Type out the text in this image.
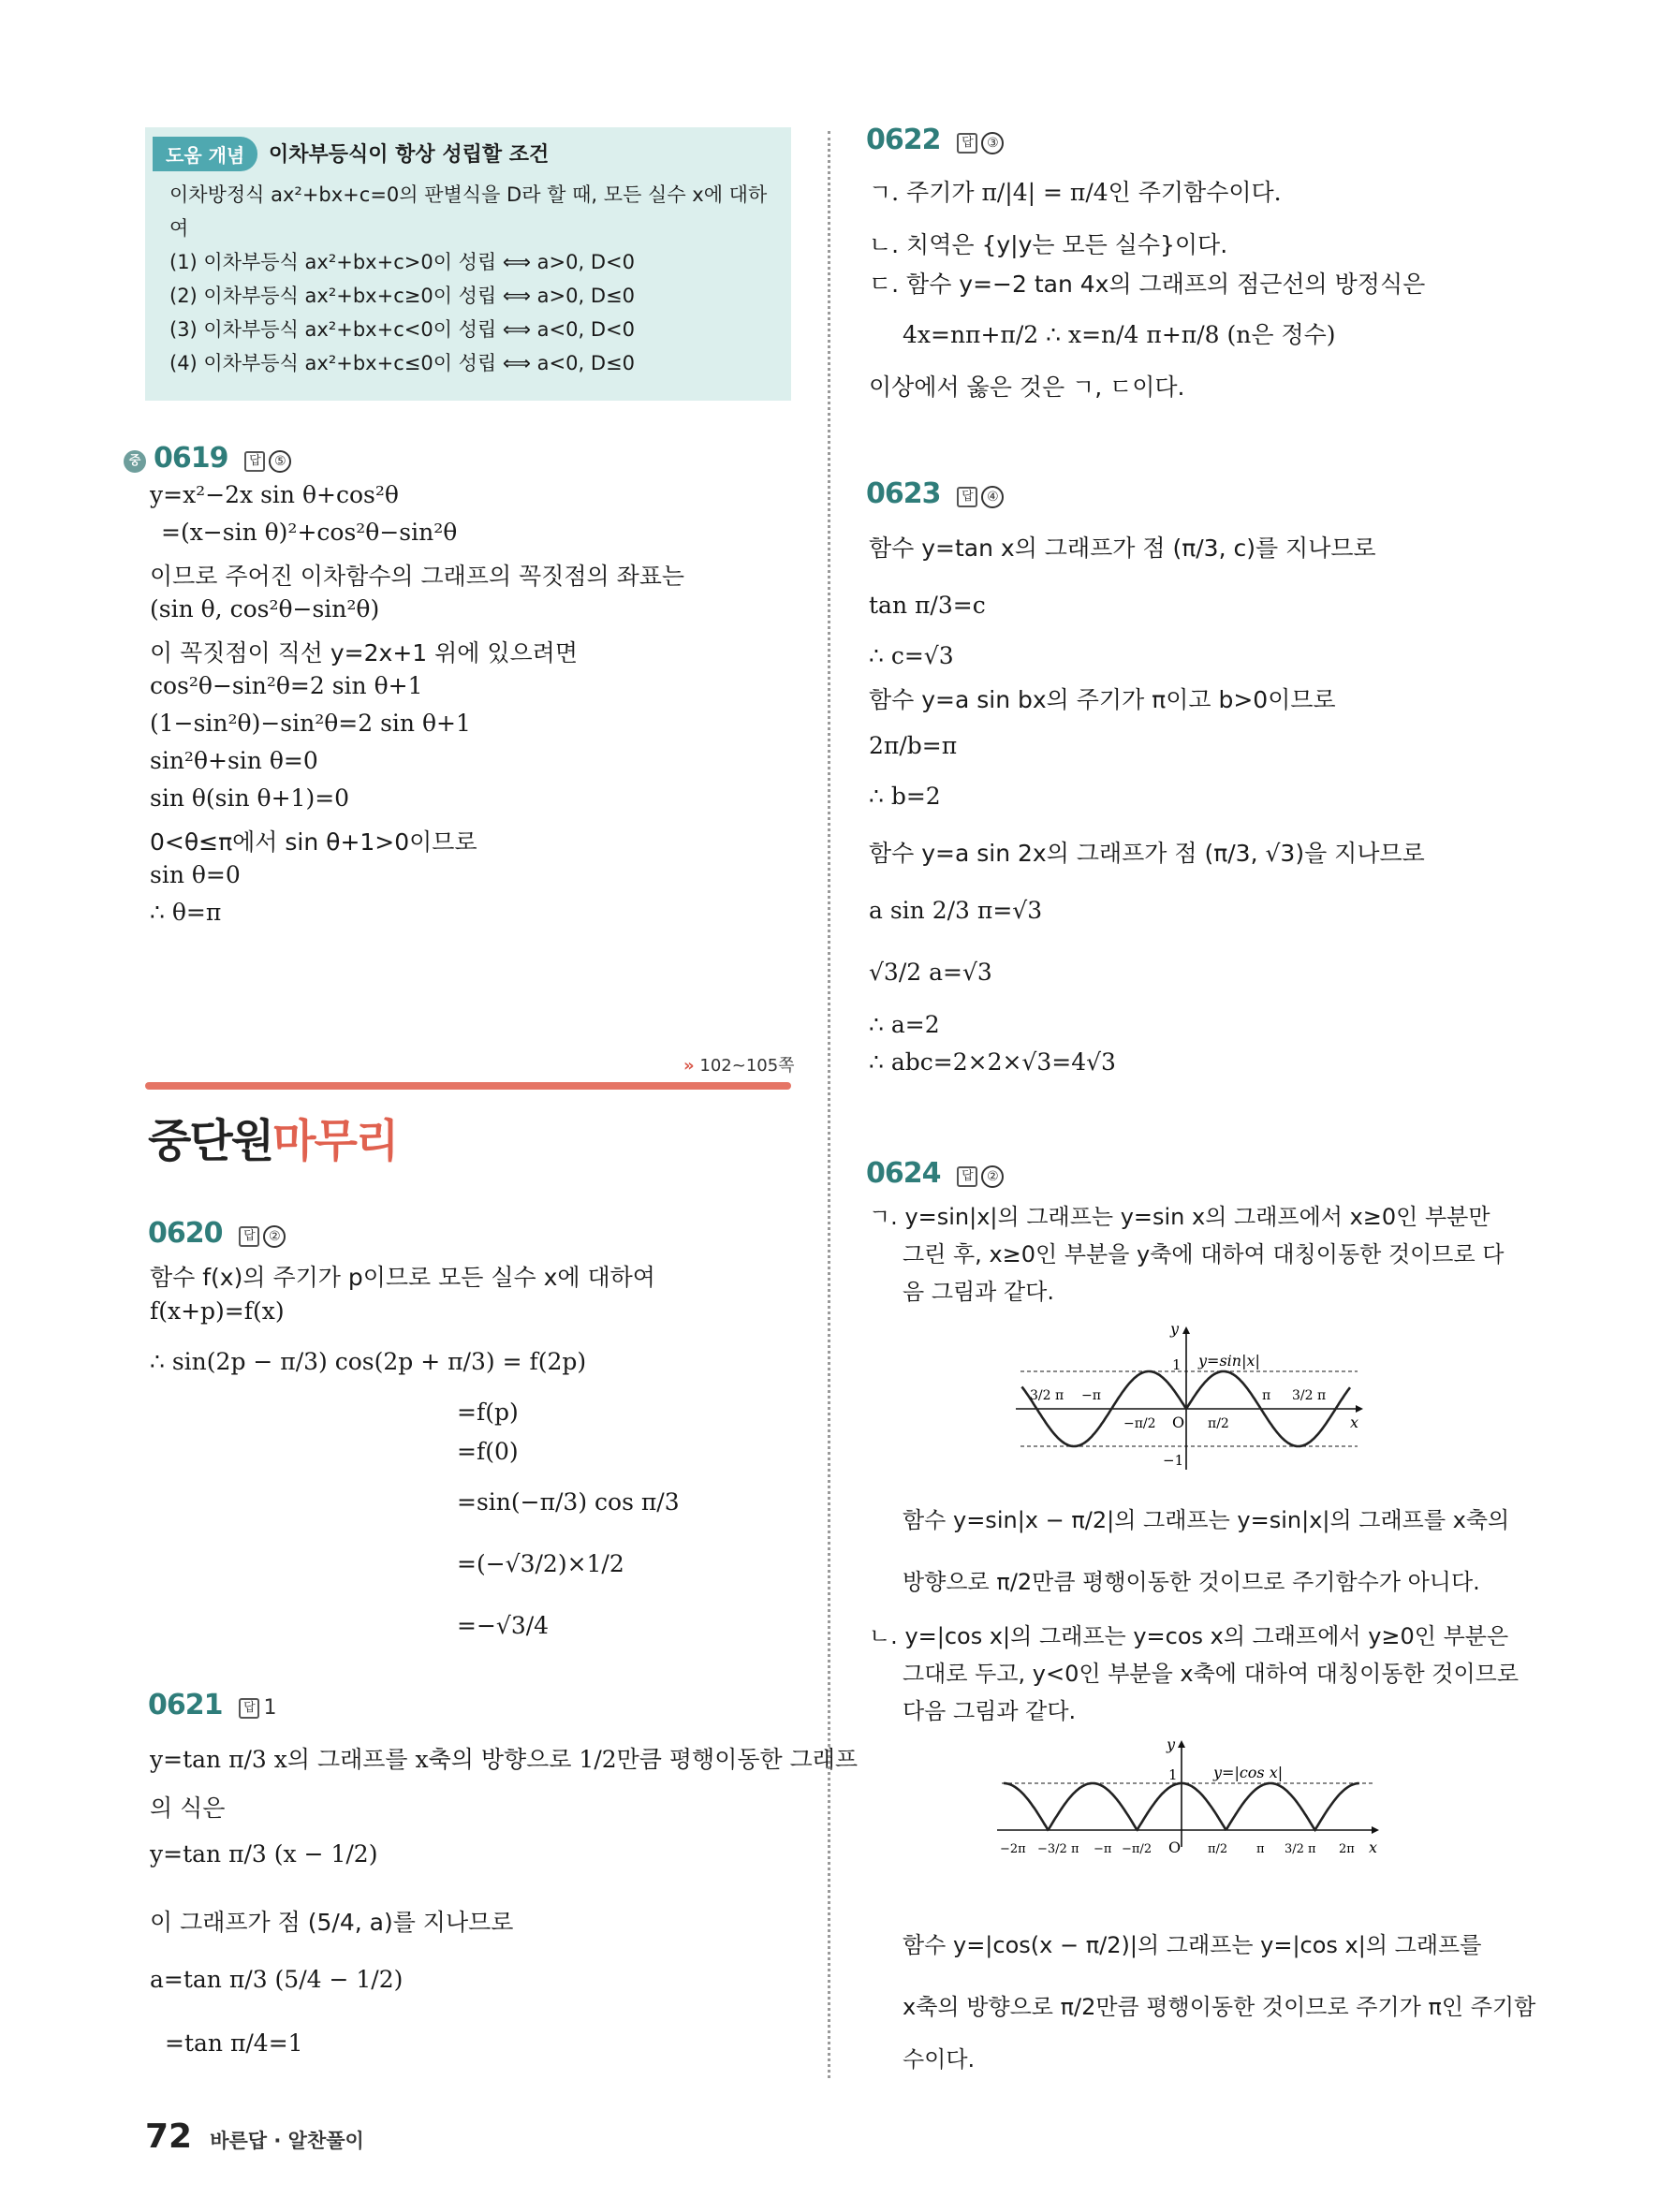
도움 개념	이차부등식이 항상 성립할 조건
이차방정식 ax²+bx+c=0의 판별식을 D라 할 때, 모든 실수 x에 대하
여
(1) 이차부등식 ax²+bx+c>0이 성립 ⟺ a>0, D<0
(2) 이차부등식 ax²+bx+c≥0이 성립 ⟺ a>0, D≤0
(3) 이차부등식 ax²+bx+c<0이 성립 ⟺ a<0, D<0
(4) 이차부등식 ax²+bx+c≤0이 성립 ⟺ a<0, D≤0
중 0619 답 ⑤
y=x²−2x sin θ+cos²θ
=(x−sin θ)²+cos²θ−sin²θ
이므로 주어진 이차함수의 그래프의 꼭짓점의 좌표는
(sin θ, cos²θ−sin²θ)
이 꼭짓점이 직선 y=2x+1 위에 있으려면
cos²θ−sin²θ=2 sin θ+1
(1−sin²θ)−sin²θ=2 sin θ+1
sin²θ+sin θ=0
sin θ(sin θ+1)=0
0<θ≤π에서 sin θ+1>0이므로
sin θ=0
∴ θ=π
» 102~105쪽
중단원마무리
0620 답 ②
함수 f(x)의 주기가 p이므로 모든 실수 x에 대하여
f(x+p)=f(x)
∴ sin(2p − π/3) cos(2p + π/3) = f(2p)
=f(p)
=f(0)
=sin(−π/3) cos π/3
=(−√3/2)×1/2
=−√3/4
0621 답 1
y=tan π/3 x의 그래프를 x축의 방향으로 1/2만큼 평행이동한 그래프
의 식은
y=tan π/3 (x − 1/2)
이 그래프가 점 (5/4, a)를 지나므로
a=tan π/3 (5/4 − 1/2)
=tan π/4=1
0622 답 ③
ㄱ. 주기가 π/|4| = π/4인 주기함수이다.
ㄴ. 치역은 {y|y는 모든 실수}이다.
ㄷ. 함수 y=−2 tan 4x의 그래프의 점근선의 방정식은
4x=nπ+π/2 ∴ x=n/4 π+π/8 (n은 정수)
이상에서 옳은 것은 ㄱ, ㄷ이다.
0623 답 ④
함수 y=tan x의 그래프가 점 (π/3, c)를 지나므로
tan π/3=c
∴ c=√3
함수 y=a sin bx의 주기가 π이고 b>0이므로
2π/b=π
∴ b=2
함수 y=a sin 2x의 그래프가 점 (π/3, √3)을 지나므로
a sin 2/3 π=√3
√3/2 a=√3
∴ a=2
∴ abc=2×2×√3=4√3
0624 답 ②
ㄱ. y=sin|x|의 그래프는 y=sin x의 그래프에서 x≥0인 부분만
그린 후, x≥0인 부분을 y축에 대하여 대칭이동한 것이므로 다
음 그림과 같다.
y
x
O
1
−1
y=sin|x|
3/2 π −π
−π/2	π/2
π 3/2 π
함수 y=sin|x − π/2|의 그래프는 y=sin|x|의 그래프를 x축의
방향으로 π/2만큼 평행이동한 것이므로 주기함수가 아니다.
ㄴ. y=|cos x|의 그래프는 y=cos x의 그래프에서 y≥0인 부분은
그대로 두고, y<0인 부분을 x축에 대하여 대칭이동한 것이므로
다음 그림과 같다.
y
x
O
1 y=|cos x|
−2π −3/2 π −π −π/2	π/2 π 3/2 π 2π
함수 y=|cos(x − π/2)|의 그래프는 y=|cos x|의 그래프를
x축의 방향으로 π/2만큼 평행이동한 것이므로 주기가 π인 주기함
수이다.
72 바른답 · 알찬풀이
